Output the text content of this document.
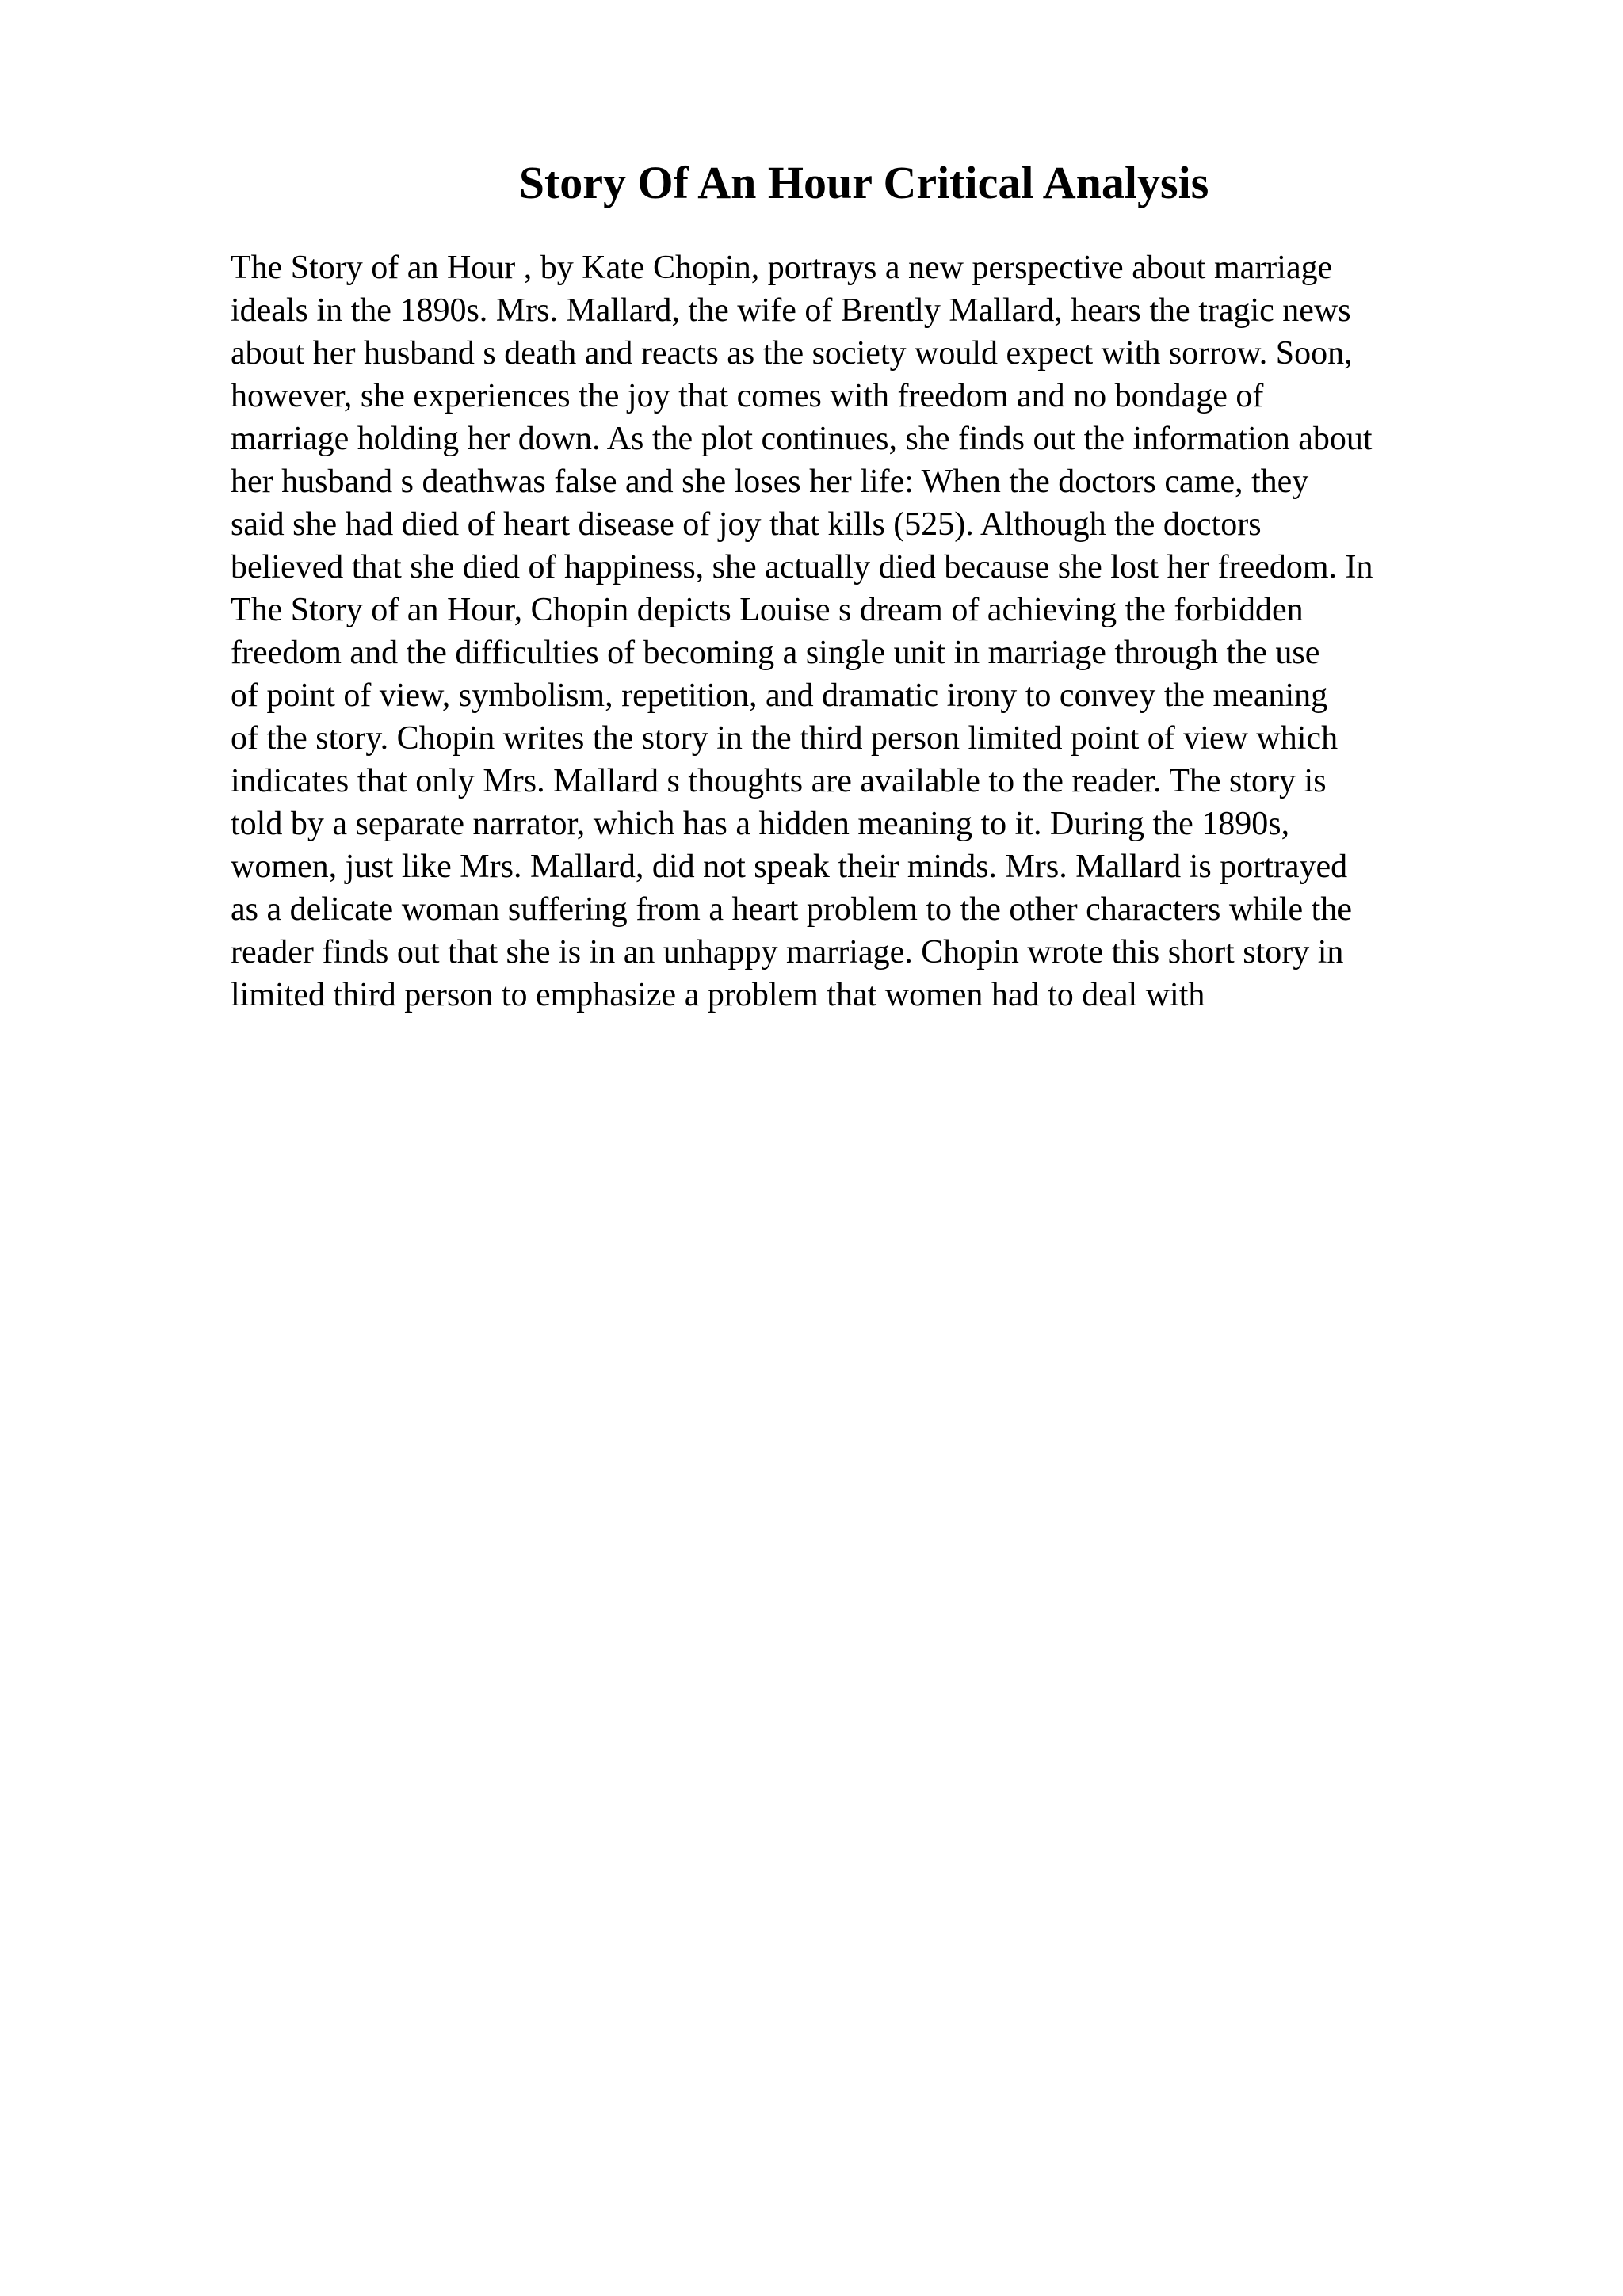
Story Of An Hour Critical Analysis
The Story of an Hour , by Kate Chopin, portrays a new perspective about marriage
ideals in the 1890s. Mrs. Mallard, the wife of Brently Mallard, hears the tragic news
about her husband s death and reacts as the society would expect with sorrow. Soon,
however, she experiences the joy that comes with freedom and no bondage of
marriage holding her down. As the plot continues, she finds out the information about
her husband s deathwas false and she loses her life: When the doctors came, they
said she had died of heart disease of joy that kills (525). Although the doctors
believed that she died of happiness, she actually died because she lost her freedom. In
The Story of an Hour, Chopin depicts Louise s dream of achieving the forbidden
freedom and the difficulties of becoming a single unit in marriage through the use
of point of view, symbolism, repetition, and dramatic irony to convey the meaning
of the story. Chopin writes the story in the third person limited point of view which
indicates that only Mrs. Mallard s thoughts are available to the reader. The story is
told by a separate narrator, which has a hidden meaning to it. During the 1890s,
women, just like Mrs. Mallard, did not speak their minds. Mrs. Mallard is portrayed
as a delicate woman suffering from a heart problem to the other characters while the
reader finds out that she is in an unhappy marriage. Chopin wrote this short story in
limited third person to emphasize a problem that women had to deal with
